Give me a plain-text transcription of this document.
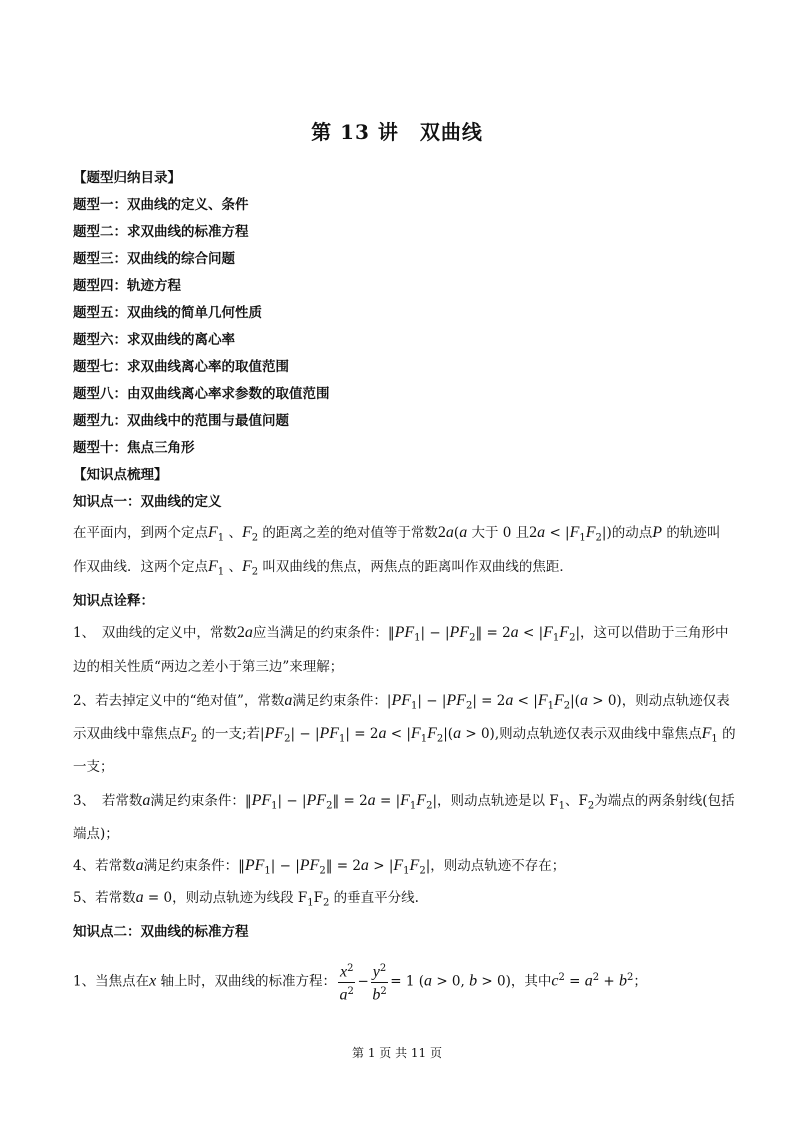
第 13 讲　双曲线
【题型归纳目录】
题型一：双曲线的定义、条件
题型二：求双曲线的标准方程
题型三：双曲线的综合问题
题型四：轨迹方程
题型五：双曲线的简单几何性质
题型六：求双曲线的离心率
题型七：求双曲线离心率的取值范围
题型八：由双曲线离心率求参数的取值范围
题型九：双曲线中的范围与最值问题
题型十：焦点三角形
【知识点梳理】
知识点一：双曲线的定义
在平面内，到两个定点$F_1$ 、$F_2$ 的距离之差的绝对值等于常数2a(a 大于 0 且$2a < |F_1F_2|$)的动点P 的轨迹叫
作双曲线．这两个定点$F_1$ 、$F_2$ 叫双曲线的焦点，两焦点的距离叫作双曲线的焦距．
知识点诠释：
1、　双曲线的定义中，常数2a应当满足的约束条件：$‖PF_1|$ − $|PF_2‖ = 2a < |F_1F_2|$，这可以借助于三角形中
边的相关性质“两边之差小于第三边”来理解；
2、若去掉定义中的“绝对值”，常数a满足约束条件：$|PF_1| - |PF_2| = 2a < |F_1F_2|(a > 0)$，则动点轨迹仅表
示双曲线中靠焦点$F_2$ 的一支;若$|PF_2| - |PF_1| = 2a < |F_1F_2|(a > 0)$,则动点轨迹仅表示双曲线中靠焦点$F_1$ 的
一支；
3、　若常数a满足约束条件：$‖PF_1|$ − $|PF_2‖ = 2a = |F_1F_2|$，则动点轨迹是以 $F_1$、$F_2$为端点的两条射线(包括
端点)；
4、若常数a满足约束条件：$‖PF_1|$ − $|PF_2‖ = 2a > |F_1F_2|$，则动点轨迹不存在；
5、若常数a = 0，则动点轨迹为线段 $F_1F_2$ 的垂直平分线.
知识点二：双曲线的标准方程
1、当焦点在x 轴上时，双曲线的标准方程： $\frac{x^2}{a^2} - \frac{y^2}{b^2} = 1$ (a > 0, b > 0)，其中$c^2 = a^2 + b^2$；
第 1 页 共 11 页
